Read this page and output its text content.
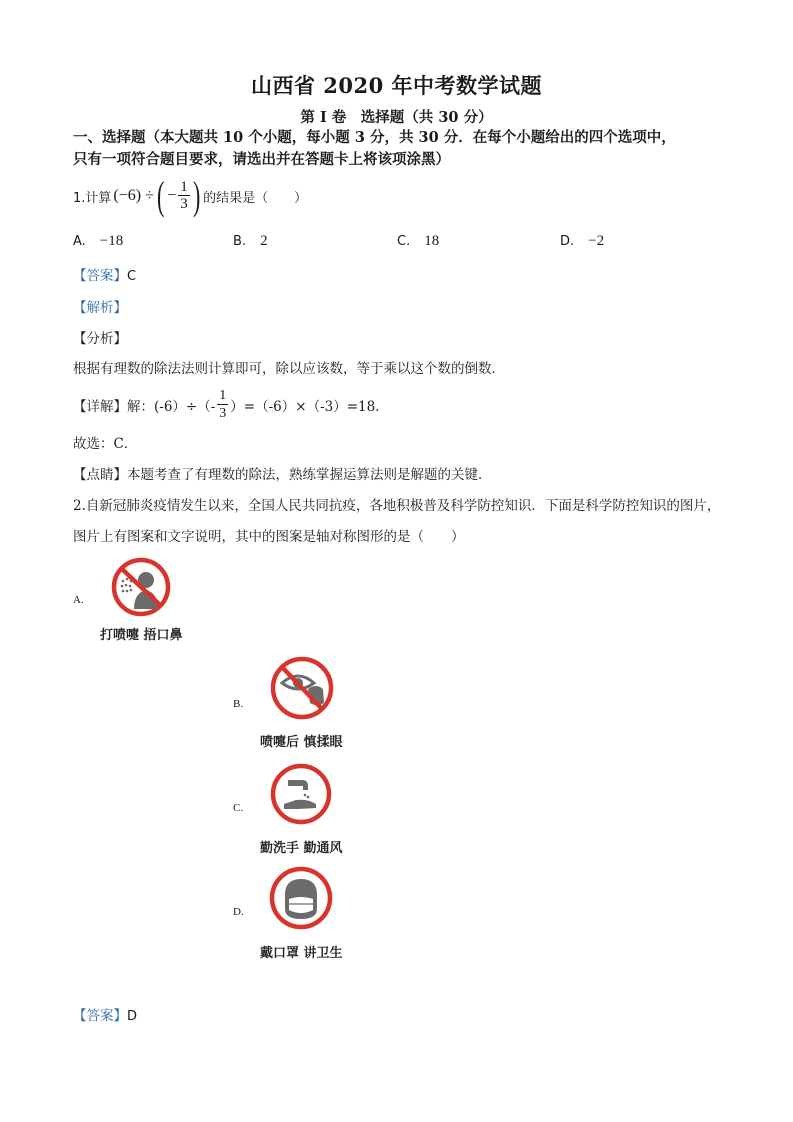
山西省 2020 年中考数学试题
第 I 卷　选择题（共 30 分）
一、选择题（本大题共 10 个小题，每小题 3 分，共 30 分．在每个小题给出的四个选项中，
只有一项符合题目要求，请选出并在答题卡上将该项涂黑）
1.计算 (−6) ÷ ( − $\frac{1}{3}$ ) 的结果是（　　）
A. −18	B. 2	C. 18	D. −2
【答案】C
【解析】
【分析】
根据有理数的除法法则计算即可，除以应该数，等于乘以这个数的倒数．
【详解】 解：$(-6)\div(- \frac{1}{3} )=(-6)\times(-3)=18$．
故选：C．
【点睛】本题考查了有理数的除法，熟练掌握运算法则是解题的关键．
2.自新冠肺炎疫情发生以来，全国人民共同抗疫，各地积极普及科学防控知识．下面是科学防控知识的图片，
图片上有图案和文字说明，其中的图案是轴对称图形的是（　　）
A.
打喷嚏 捂口鼻
B.
喷嚏后 慎揉眼
C.
勤洗手 勤通风
D.
戴口罩 讲卫生
【答案】D
